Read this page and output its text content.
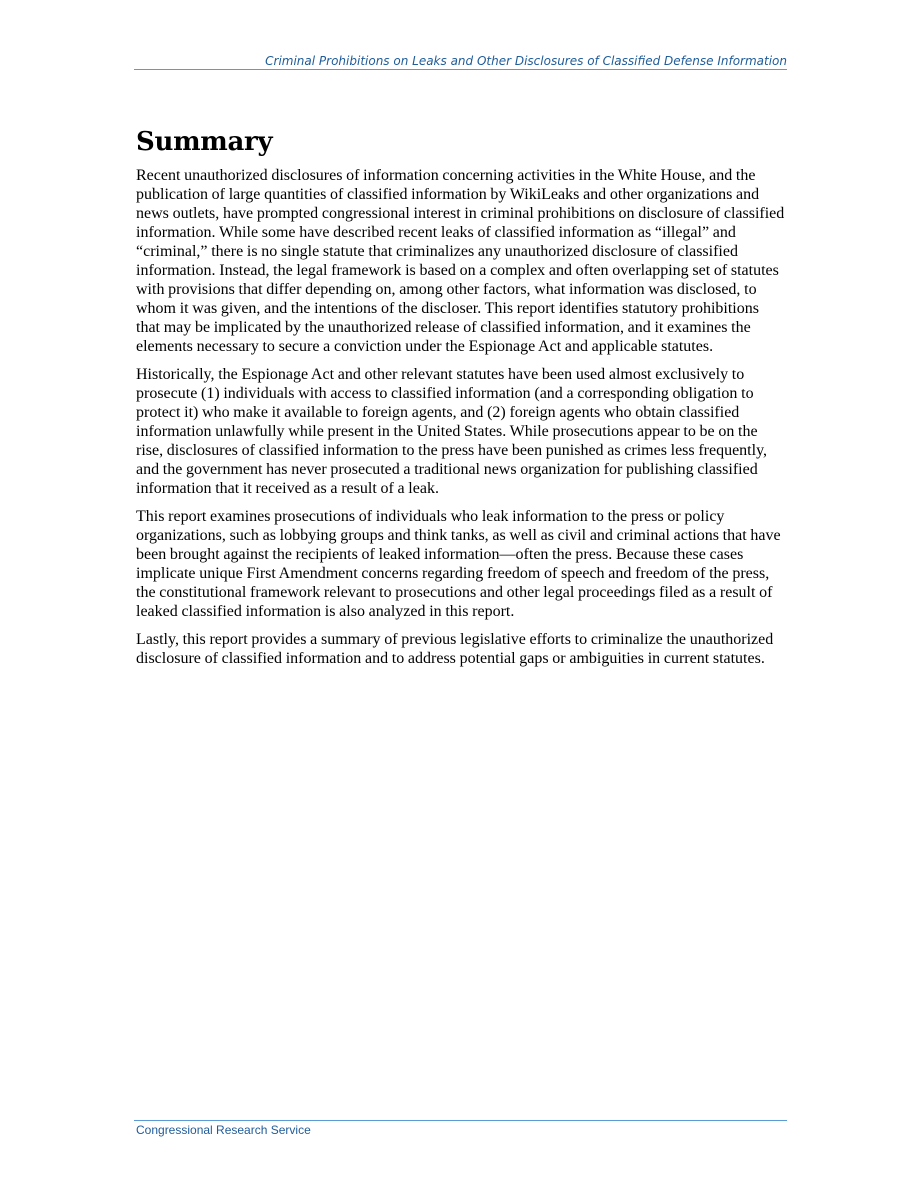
Criminal Prohibitions on Leaks and Other Disclosures of Classified Defense Information
Summary

Recent unauthorized disclosures of information concerning activities in the White House, and the publication of large quantities of classified information by WikiLeaks and other organizations and news outlets, have prompted congressional interest in criminal prohibitions on disclosure of classified information. While some have described recent leaks of classified information as “illegal” and “criminal,” there is no single statute that criminalizes any unauthorized disclosure of classified information. Instead, the legal framework is based on a complex and often overlapping set of statutes with provisions that differ depending on, among other factors, what information was disclosed, to whom it was given, and the intentions of the discloser. This report identifies statutory prohibitions that may be implicated by the unauthorized release of classified information, and it examines the elements necessary to secure a conviction under the Espionage Act and applicable statutes.

Historically, the Espionage Act and other relevant statutes have been used almost exclusively to prosecute (1) individuals with access to classified information (and a corresponding obligation to protect it) who make it available to foreign agents, and (2) foreign agents who obtain classified information unlawfully while present in the United States. While prosecutions appear to be on the rise, disclosures of classified information to the press have been punished as crimes less frequently, and the government has never prosecuted a traditional news organization for publishing classified information that it received as a result of a leak.

This report examines prosecutions of individuals who leak information to the press or policy organizations, such as lobbying groups and think tanks, as well as civil and criminal actions that have been brought against the recipients of leaked information—often the press. Because these cases implicate unique First Amendment concerns regarding freedom of speech and freedom of the press, the constitutional framework relevant to prosecutions and other legal proceedings filed as a result of leaked classified information is also analyzed in this report.

Lastly, this report provides a summary of previous legislative efforts to criminalize the unauthorized disclosure of classified information and to address potential gaps or ambiguities in current statutes.

Congressional Research Service
